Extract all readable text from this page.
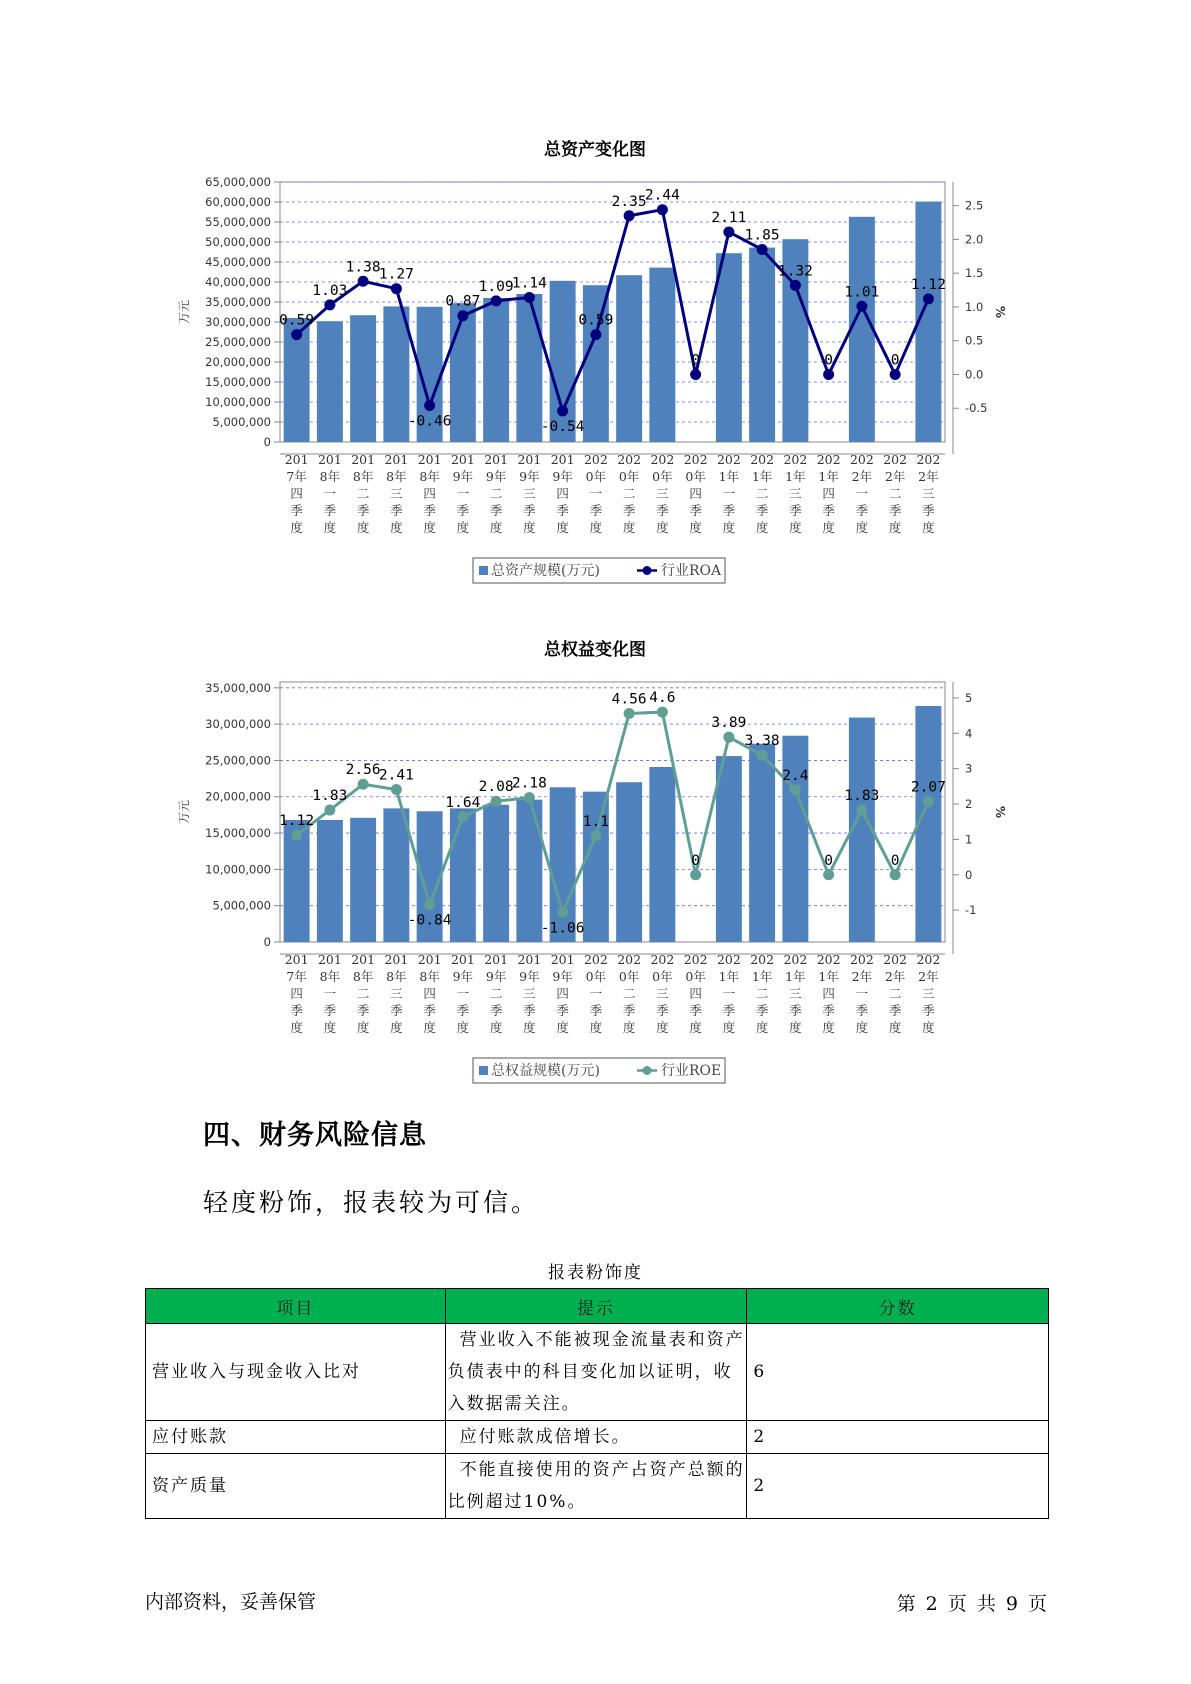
总资产变化图
0
5,000,000
10,000,000
15,000,000
20,000,000
25,000,000
30,000,000
35,000,000
40,000,000
45,000,000
50,000,000
55,000,000
60,000,000
65,000,000
-0.5
0.0
0.5
1.0
1.5
2.0
2.5
万元	%
201
7年
四
季
度
201
8年
一
季
度
201
8年
二
季
度
201
8年
三
季
度
201
8年
四
季
度
201
9年
一
季
度
201
9年
二
季
度
201
9年
三
季
度
201
9年
四
季
度
202
0年
一
季
度
202
0年
二
季
度
202
0年
三
季
度
202
0年
四
季
度
202
1年
一
季
度
202
1年
二
季
度
202
1年
三
季
度
202
1年
四
季
度
202
2年
一
季
度
202
2年
二
季
度
202
2年
三
季
度
0.59
1.03
1.38
1.27
-0.46
0.87
1.09
1.14
-0.54
0.59
2.35
2.44
0
2.11
1.85
1.32
0
1.01
0
1.12
总资产规模(万元)	行业ROA
总权益变化图
0
5,000,000
10,000,000
15,000,000
20,000,000
25,000,000
30,000,000
35,000,000
-1
0
1
2
3
4
5
万元	%
201
7年
四
季
度
201
8年
一
季
度
201
8年
二
季
度
201
8年
三
季
度
201
8年
四
季
度
201
9年
一
季
度
201
9年
二
季
度
201
9年
三
季
度
201
9年
四
季
度
202
0年
一
季
度
202
0年
二
季
度
202
0年
三
季
度
202
0年
四
季
度
202
1年
一
季
度
202
1年
二
季
度
202
1年
三
季
度
202
1年
四
季
度
202
2年
一
季
度
202
2年
二
季
度
202
2年
三
季
度
1.12
1.83
2.56
2.41
-0.84
1.64
2.08
2.18
-1.06
1.1
4.56 4.6
0
3.89
3.38
2.4
0
1.83
0
2.07
总权益规模(万元)	行业ROE
四、财务风险信息
轻度粉饰，报表较为可信。
报表粉饰度
项目	提示	分数
营业收入与现金收入比对	营业收入不能被现金流量表和资产负债表中的科目变化加以证明，收入数据需关注。	6
应付账款	应付账款成倍增长。	2
资产质量	不能直接使用的资产占资产总额的比例超过10%。	2
内部资料，妥善保管	第 2 页 共 9 页
